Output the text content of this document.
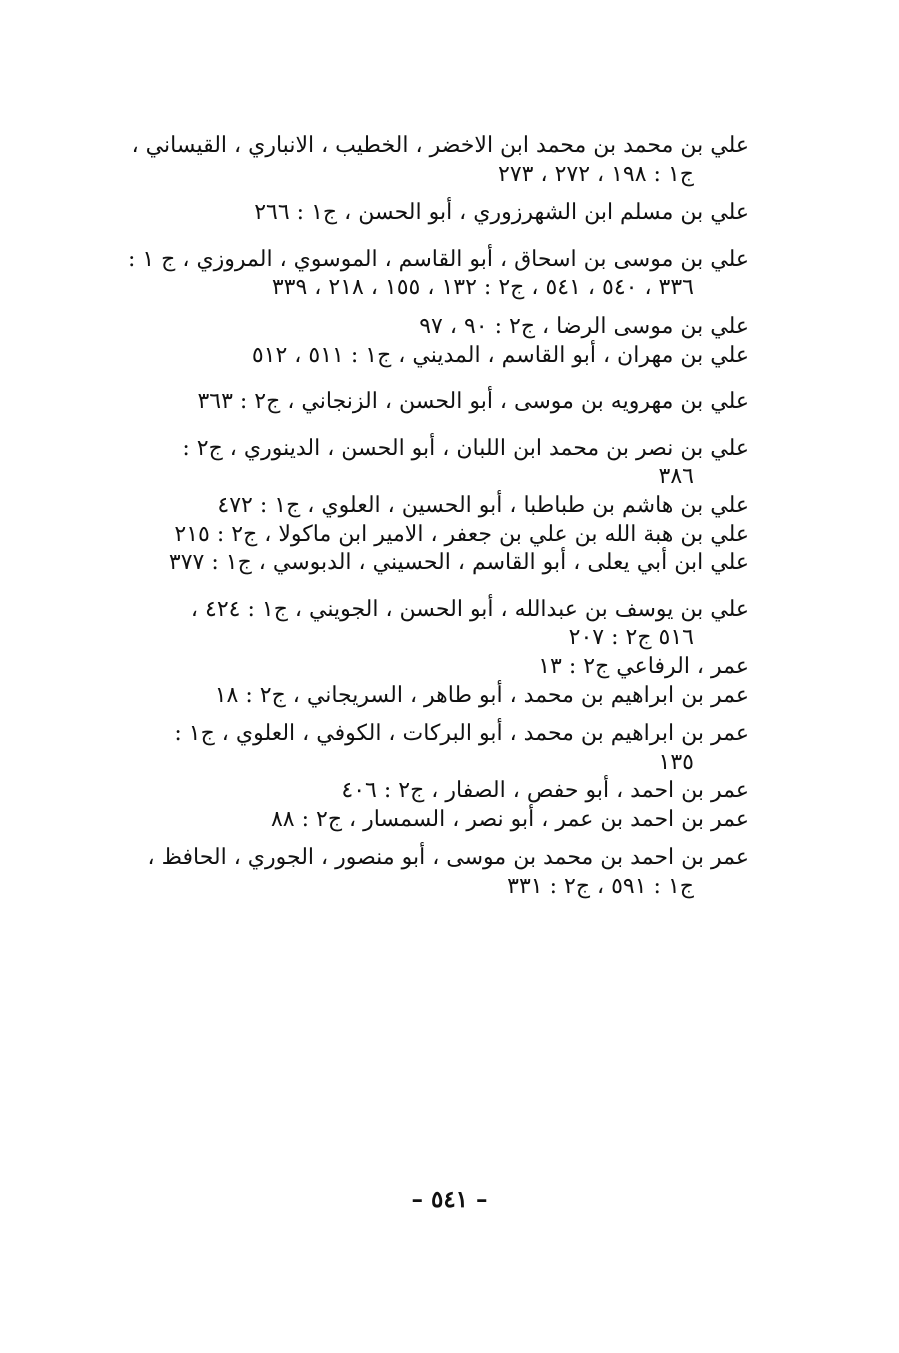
علي بن محمد بن محمد ابن الاخضر ، الخطيب ، الانباري ، القيساني ،
ج١ : ١٩٨ ، ٢٧٢ ، ٢٧٣
علي بن مسلم ابن الشهرزوري ، أبو الحسن ، ج١ : ٢٦٦
علي بن موسى بن اسحاق ، أبو القاسم ، الموسوي ، المروزي ، ج ١ :
٣٣٦ ، ٥٤٠ ، ٥٤١ ، ج٢ : ١٣٢ ، ١٥٥ ، ٢١٨ ، ٣٣٩
علي بن موسى الرضا ، ج٢ : ٩٠ ، ٩٧
علي بن مهران ، أبو القاسم ، المديني ، ج١ : ٥١١ ، ٥١٢
علي بن مهرويه بن موسى ، أبو الحسن ، الزنجاني ، ج٢ : ٣٦٣
علي بن نصر بن محمد ابن اللبان ، أبو الحسن ، الدينوري ، ج٢ :
٣٨٦
علي بن هاشم بن طباطبا ، أبو الحسين ، العلوي ، ج١ : ٤٧٢
علي بن هبة الله بن علي بن جعفر ، الامير ابن ماكولا ، ج٢ : ٢١٥
علي ابن أبي يعلى ، أبو القاسم ، الحسيني ، الدبوسي ، ج١ : ٣٧٧
علي بن يوسف بن عبدالله ، أبو الحسن ، الجويني ، ج١ : ٤٢٤ ،
٥١٦ ج٢ : ٢٠٧
عمر ، الرفاعي ج٢ : ١٣
عمر بن ابراهيم بن محمد ، أبو طاهر ، السريجاني ، ج٢ : ١٨
عمر بن ابراهيم بن محمد ، أبو البركات ، الكوفي ، العلوي ، ج١ :
١٣٥
عمر بن احمد ، أبو حفص ، الصفار ، ج٢ : ٤٠٦
عمر بن احمد بن عمر ، أبو نصر ، السمسار ، ج٢ : ٨٨
عمر بن احمد بن محمد بن موسى ، أبو منصور ، الجوري ، الحافظ ،
ج١ : ٥٩١ ، ج٢ : ٣٣١
– ٥٤١ –
